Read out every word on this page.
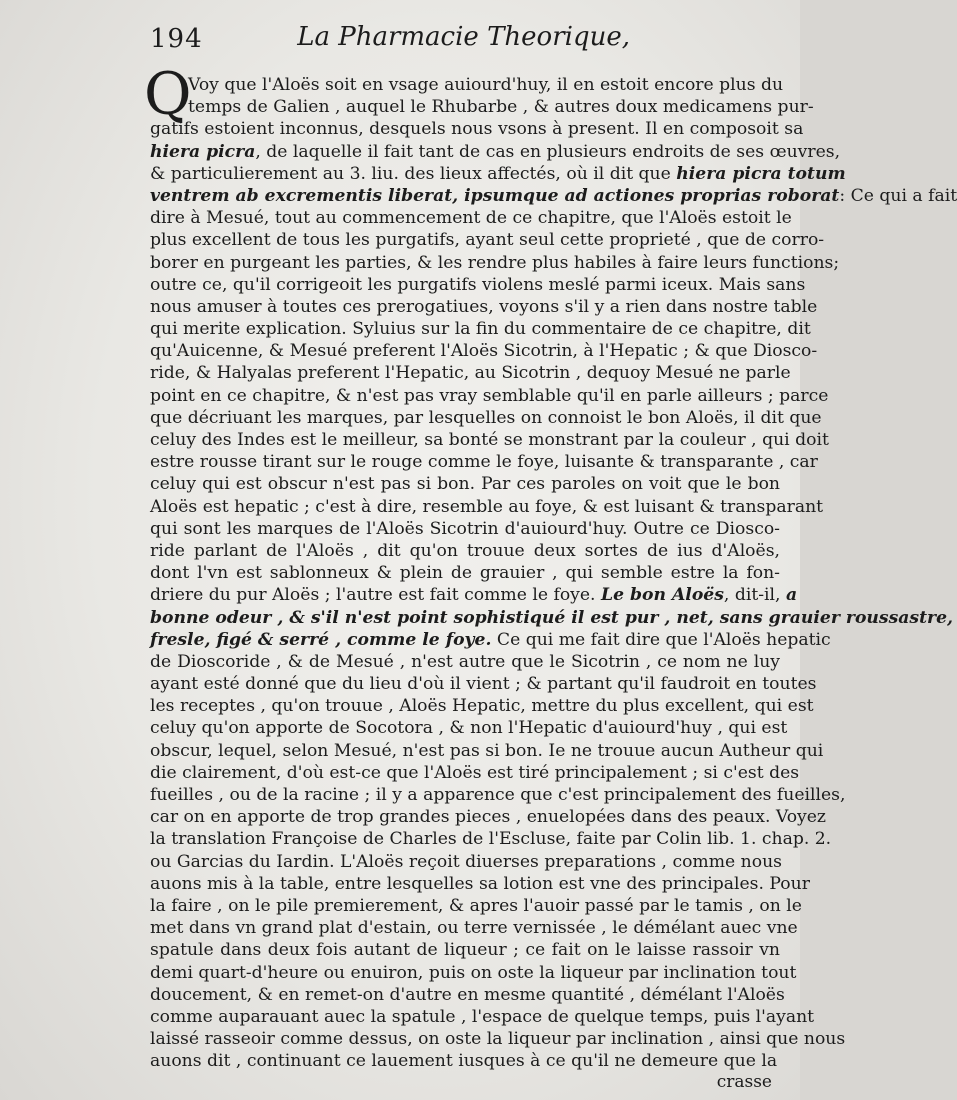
194	La Pharmacie Theorique,
Q
Voy que l'Aloës soit en vsage auiourd'huy, il en estoit encore plus du
temps de Galien , auquel le Rhubarbe , & autres doux medicamens pur-
gatifs estoient inconnus, desquels nous vsons à present. Il en composoit sa
hiera picra, de laquelle il fait tant de cas en plusieurs endroits de ses œuvres,
& particulierement au 3. liu. des lieux affectés, où il dit que hiera picra totum
ventrem ab excrementis liberat, ipsumque ad actiones proprias roborat: Ce qui a fait
dire à Mesué, tout au commencement de ce chapitre, que l'Aloës estoit le
plus excellent de tous les purgatifs, ayant seul cette proprieté , que de corro-
borer en purgeant les parties, & les rendre plus habiles à faire leurs functions;
outre ce, qu'il corrigeoit les purgatifs violens meslé parmi iceux. Mais sans
nous amuser à toutes ces prerogatiues, voyons s'il y a rien dans nostre table
qui merite explication. Syluius sur la fin du commentaire de ce chapitre, dit
qu'Auicenne, & Mesué preferent l'Aloës Sicotrin, à l'Hepatic ; & que Dioscо-
ride, & Halyalas preferent l'Hepatic, au Sicotrin , dequoy Mesué ne parle
point en ce chapitre, & n'est pas vray semblable qu'il en parle ailleurs ; parce
que décriuant les marques, par lesquelles on connoist le bon Aloës, il dit que
celuy des Indes est le meilleur, sa bonté se monstrant par la couleur , qui doit
estre rousse tirant sur le rouge comme le foye, luisante & transparante , car
celuy qui est obscur n'est pas si bon. Par ces paroles on voit que le bon
Aloës est hepatic ; c'est à dire, resemble au foye, & est luisant & transparant
qui sont les marques de l'Aloës Sicotrin d'auiourd'huy. Outre ce Diosco-
ride parlant de l'Aloës , dit qu'on trouue deux sortes de ius d'Aloës,
dont l'vn est sablonneux & plein de grauier , qui semble estre la fon-
driere du pur Aloës ; l'autre est fait comme le foye. Le bon Aloës, dit-il, a
bonne odeur , & s'il n'est point sophistiqué il est pur , net, sans grauier roussastre,
fresle, figé & serré , comme le foye. Ce qui me fait dire que l'Aloës hepatic
de Dioscoride , & de Mesué , n'est autre que le Sicotrin , ce nom ne luy
ayant esté donné que du lieu d'où il vient ; & partant qu'il faudroit en toutes
les receptes , qu'on trouue , Aloës Hepatic, mettre du plus excellent, qui est
celuy qu'on apporte de Socotora , & non l'Hepatic d'auiourd'huy , qui est
obscur, lequel, selon Mesué, n'est pas si bon. Ie ne trouue aucun Autheur qui
die clairement, d'où est-ce que l'Aloës est tiré principalement ; si c'est des
fueilles , ou de la racine ; il y a apparence que c'est principalement des fueilles,
car on en apporte de trop grandes pieces , enuelopées dans des peaux. Voyez
la translation Françoise de Charles de l'Esclusе, faite par Colin lib. 1. chap. 2.
ou Garcias du Iardin. L'Aloës reçoit diuerses preparations , comme nous
auons mis à la table, entre lesquelles sa lotion est vne des principales. Pour
la faire , on le pile premierement, & apres l'auoir passé par le tamis , on le
met dans vn grand plat d'estain, ou terre vernissée , le démélant auec vne
spatule dans deux fois autant de liqueur ; ce fait on le laisse rassoir vn
demi quart-d'heure ou enuiron, puis on oste la liqueur par inclination tout
doucement, & en remet-on d'autre en mesme quantité , démélant l'Aloës
comme auparauant auec la spatule , l'espace de quelque temps, puis l'ayant
laissé rasseoir comme dessus, on oste la liqueur par inclination , ainsi que nous
auons dit , continuant ce lauement iusques à ce qu'il ne demeure que la
crasse
